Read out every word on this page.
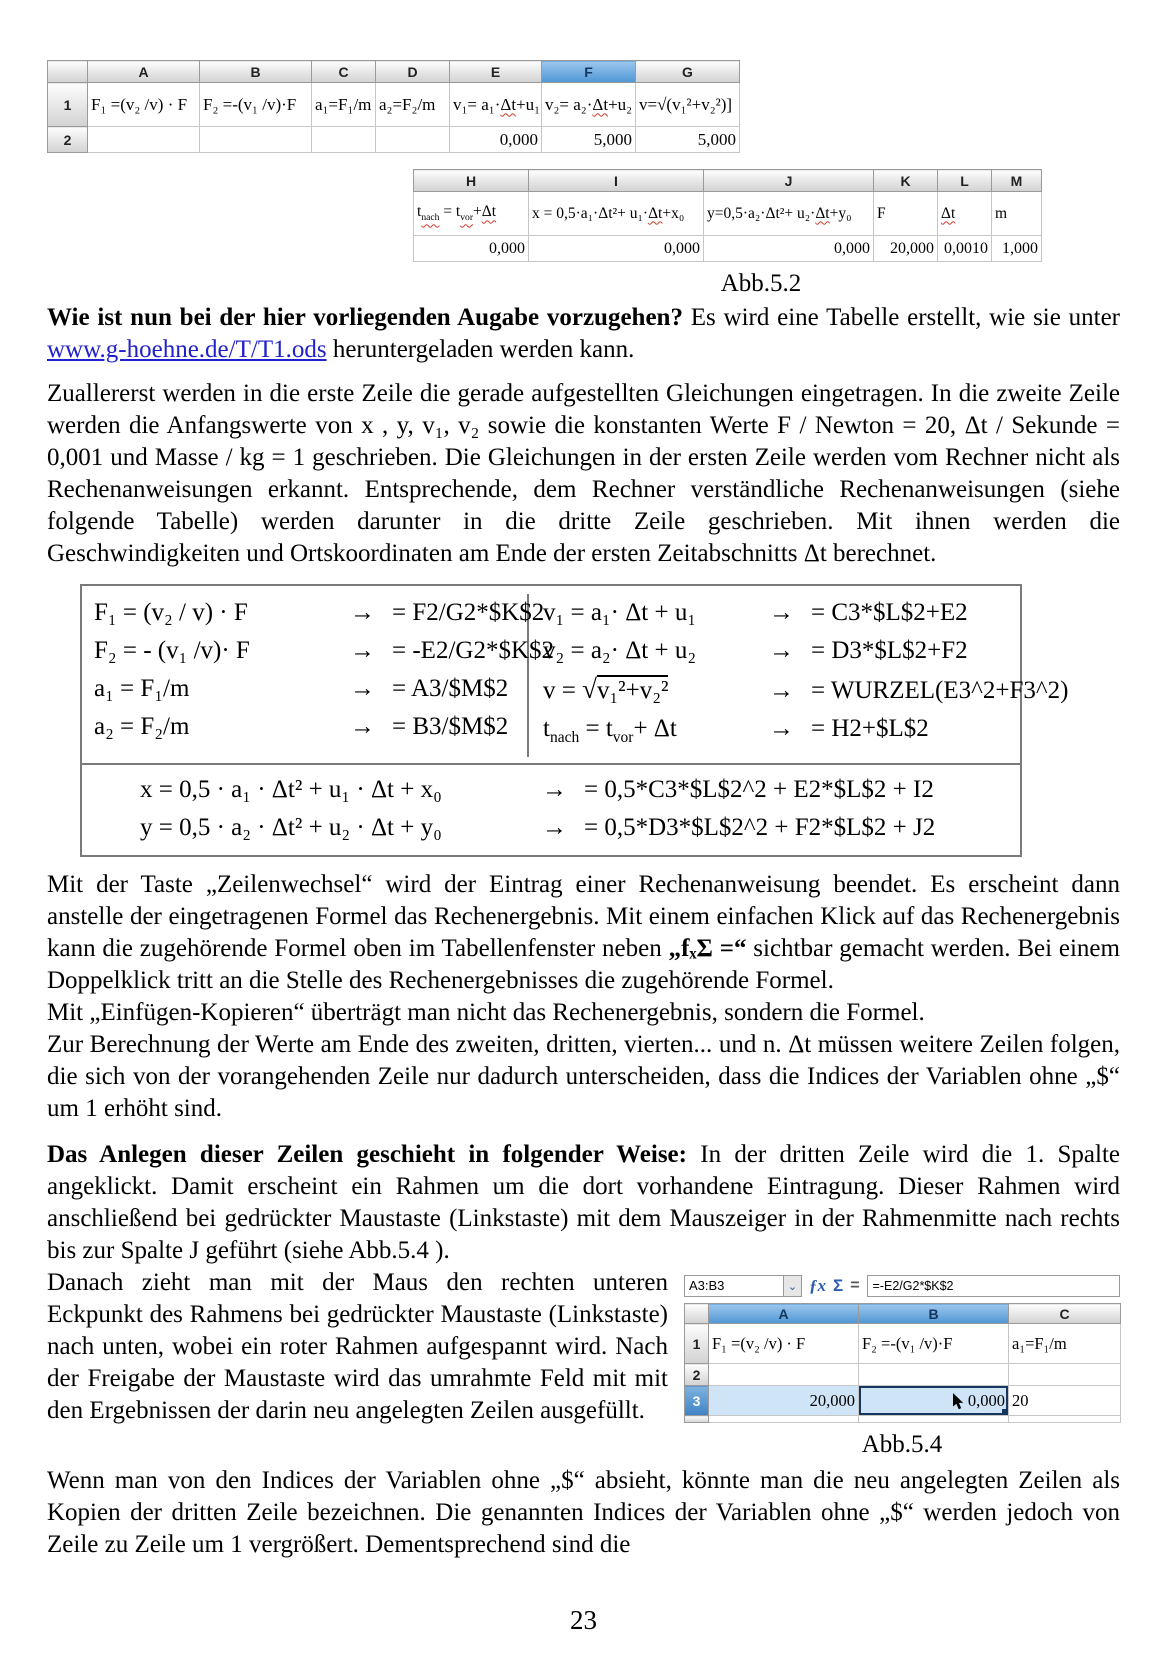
	A	B	C	D	E	F	G
1	F₁ =(v₂ /v) · F	F₂ =-(v₁ /v)·F	a₁=F₁/m	a₂=F₂/m	v₁= a₁·Δt+u₁	v₂= a₂·Δt+u₂	v=√(v₁²+v₂²)]
2					0,000	5,000	5,000
H	I	J	K	L	M
$t_{nach} = t_{vor}+\Delta t$	x = 0,5·a₁·Δt²+ u₁·Δt+x₀	y=0,5·a₂·Δt²+ u₂·Δt+y₀	F	Δt	m
0,000	0,000	0,000	20,000	0,0010	1,000
Abb.5.2

Wie ist nun bei der hier vorliegenden Augabe vorzugehen? Es wird eine Tabelle erstellt, wie sie unter www.g-hoehne.de/T/T1.ods heruntergeladen werden kann.

Zuallererst werden in die erste Zeile die gerade aufgestellten Gleichungen eingetragen. In die zweite Zeile werden die Anfangswerte von x , y, v₁, v₂ sowie die konstanten Werte F / Newton = 20, Δt / Sekunde = 0,001 und Masse / kg = 1 geschrieben. Die Gleichungen in der ersten Zeile werden vom Rechner nicht als Rechenanweisungen erkannt. Entsprechende, dem Rechner verständliche Rechenanweisungen (siehe folgende Tabelle) werden darunter in die dritte Zeile geschrieben. Mit ihnen werden die Geschwindigkeiten und Ortskoordinaten am Ende der ersten Zeitabschnitts Δt berechnet.

F₁ = (v₂ / v) · F	→ = F2/G2*$K$2
F₂ = - (v₁ /v)· F	→ = -E2/G2*$K$2
a₁ = F₁/m	→ = A3/$M$2
a₂ = F₂/m	→ = B3/$M$2
v₁ = a₁· Δt + u₁	→ = C3*$L$2+E2
v₂ = a₂· Δt + u₂	→ = D3*$L$2+F2
v = √v₁²+v₂²	→ = WURZEL(E3^2+F3^2)
$t_{nach} = t_{vor}+ \Delta t$	→ = H2+$L$2
x = 0,5 · a₁ · Δt² + u₁ · Δt + x₀	→ = 0,5*C3*$L$2^2 + E2*$L$2 + I2
y = 0,5 · a₂ · Δt² + u₂ · Δt + y₀	→ = 0,5*D3*$L$2^2 + F2*$L$2 + J2

Mit der Taste „Zeilenwechsel“ wird der Eintrag einer Rechenanweisung beendet. Es erscheint dann anstelle der eingetragenen Formel das Rechenergebnis. Mit einem einfachen Klick auf das Rechenergebnis kann die zugehörende Formel oben im Tabellenfenster neben „fₓΣ =“ sichtbar gemacht werden. Bei einem Doppelklick tritt an die Stelle des Rechenergebnisses die zugehörende Formel.

Mit „Einfügen-Kopieren“ überträgt man nicht das Rechenergebnis, sondern die Formel.

Zur Berechnung der Werte am Ende des zweiten, dritten, vierten... und n. Δt müssen weitere Zeilen folgen, die sich von der vorangehenden Zeile nur dadurch unterscheiden, dass die Indices der Variablen ohne „$“ um 1 erhöht sind.

Das Anlegen dieser Zeilen geschieht in folgender Weise: In der dritten Zeile wird die 1. Spalte angeklickt. Damit erscheint ein Rahmen um die dort vorhandene Eintragung. Dieser Rahmen wird anschließend bei gedrückter Maustaste (Linkstaste) mit dem Mauszeiger in der Rahmenmitte nach rechts bis zur Spalte J geführt (siehe Abb.5.4 ).

A3:B3	⌄ ƒx Σ =	=-E2/G2*$K$2
	A	B	C
1	F₁ =(v₂ /v) · F	F₂ =-(v₁ /v)·F	a₁=F₁/m
2			
3	20,000	0,000	20

Abb.5.4

Danach zieht man mit der Maus den rechten unteren Eckpunkt des Rahmens bei gedrückter Maustaste (Linkstaste) nach unten, wobei ein roter Rahmen aufgespannt wird. Nach der Freigabe der Maustaste wird das umrahmte Feld mit mit den Ergebnissen der darin neu angelegten Zeilen ausgefüllt.

Wenn man von den Indices der Variablen ohne „$“ absieht, könnte man die neu angelegten Zeilen als Kopien der dritten Zeile bezeichnen. Die genannten Indices der Variablen ohne „$“ werden jedoch von Zeile zu Zeile um 1 vergrößert. Dementsprechend sind die

23
